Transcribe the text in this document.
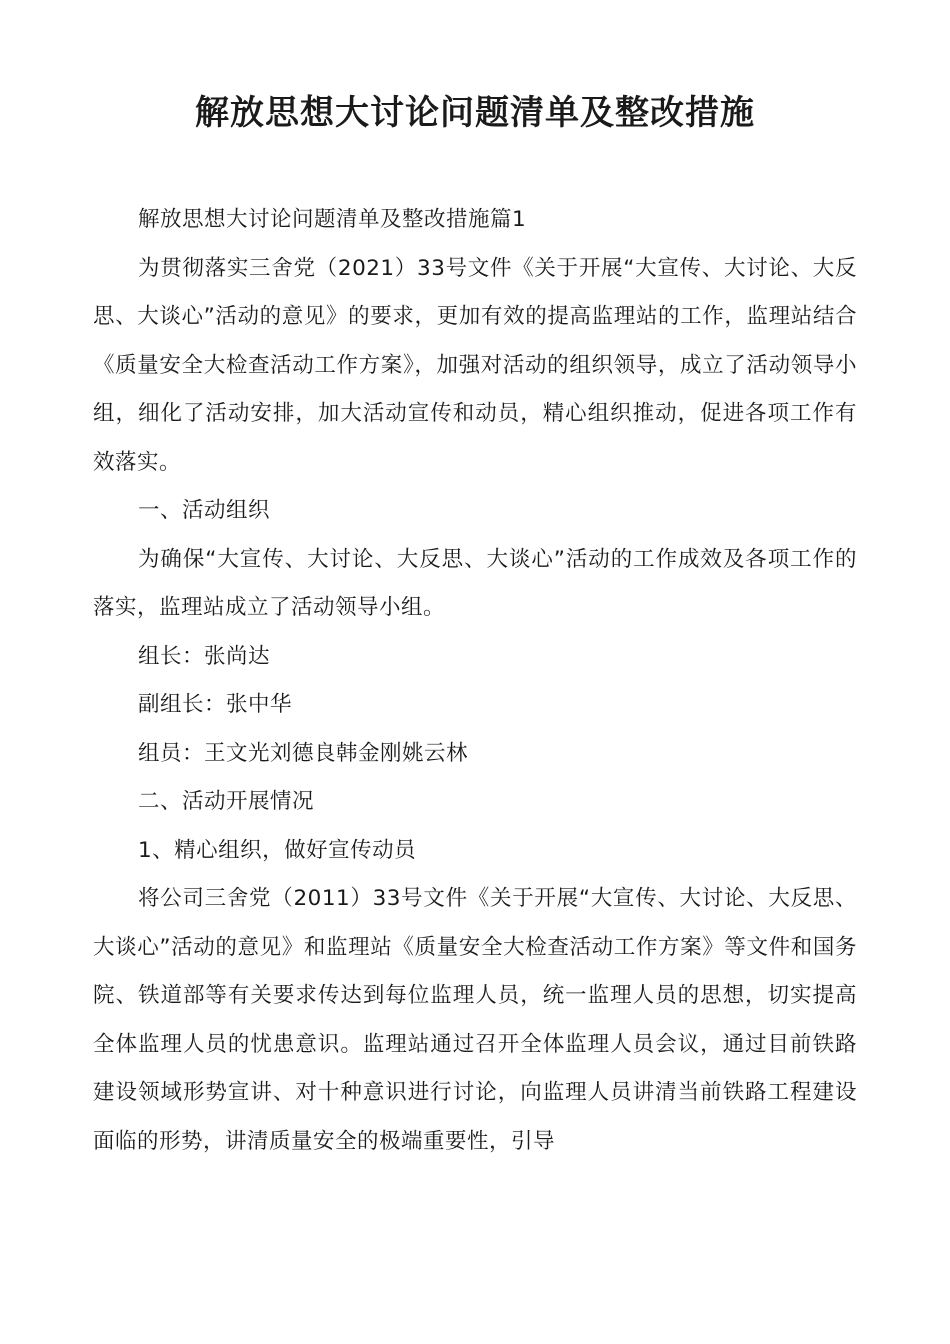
解放思想大讨论问题清单及整改措施

解放思想大讨论问题清单及整改措施篇1

为贯彻落实三舍党（2021）33号文件《关于开展“大宣传、大讨论、大反思、大谈心”活动的意见》的要求，更加有效的提高监理站的工作，监理站结合《质量安全大检查活动工作方案》，加强对活动的组织领导，成立了活动领导小组，细化了活动安排，加大活动宣传和动员，精心组织推动，促进各项工作有效落实。

一、活动组织

为确保“大宣传、大讨论、大反思、大谈心”活动的工作成效及各项工作的落实，监理站成立了活动领导小组。

组长：张尚达

副组长：张中华

组员：王文光刘德良韩金刚姚云林

二、活动开展情况

1、精心组织，做好宣传动员

将公司三舍党（2011）33号文件《关于开展“大宣传、大讨论、大反思、大谈心”活动的意见》和监理站《质量安全大检查活动工作方案》等文件和国务院、铁道部等有关要求传达到每位监理人员，统一监理人员的思想，切实提高全体监理人员的忧患意识。监理站通过召开全体监理人员会议，通过目前铁路建设领域形势宣讲、对十种意识进行讨论，向监理人员讲清当前铁路工程建设面临的形势，讲清质量安全的极端重要性，引导
